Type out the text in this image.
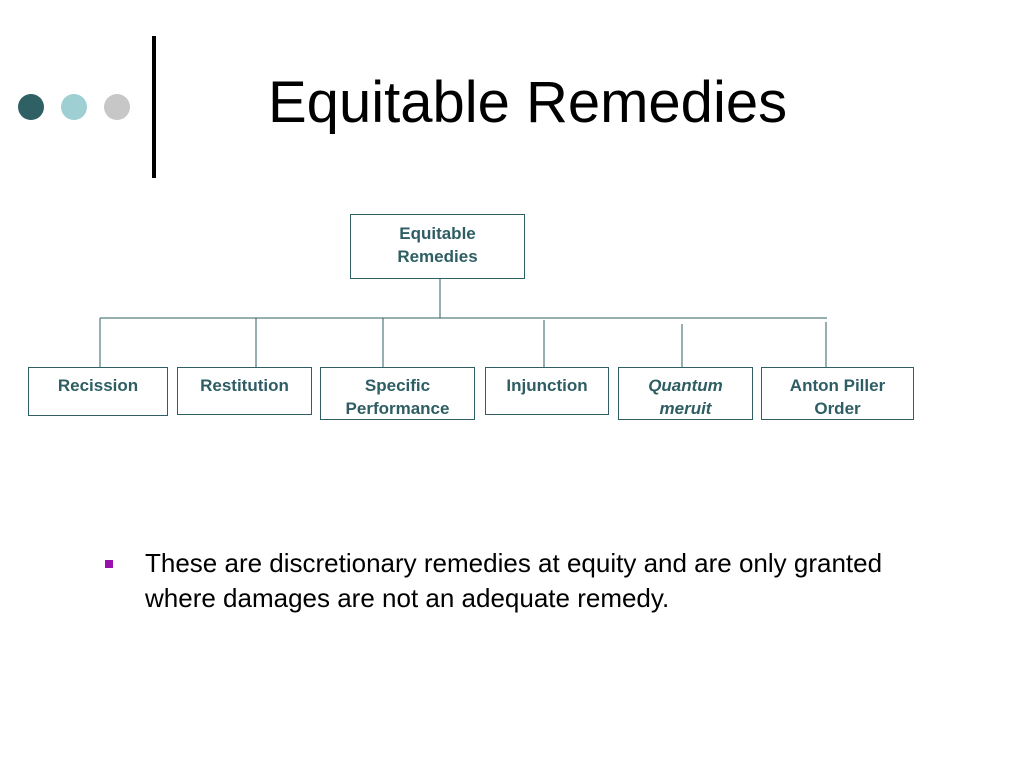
Equitable Remedies
Equitable
Remedies
Recission	Restitution	Specific
Performance
Injunction	Quantum
meruit
Anton Piller
Order
These are discretionary remedies at equity and are only granted where damages are not an adequate remedy.
